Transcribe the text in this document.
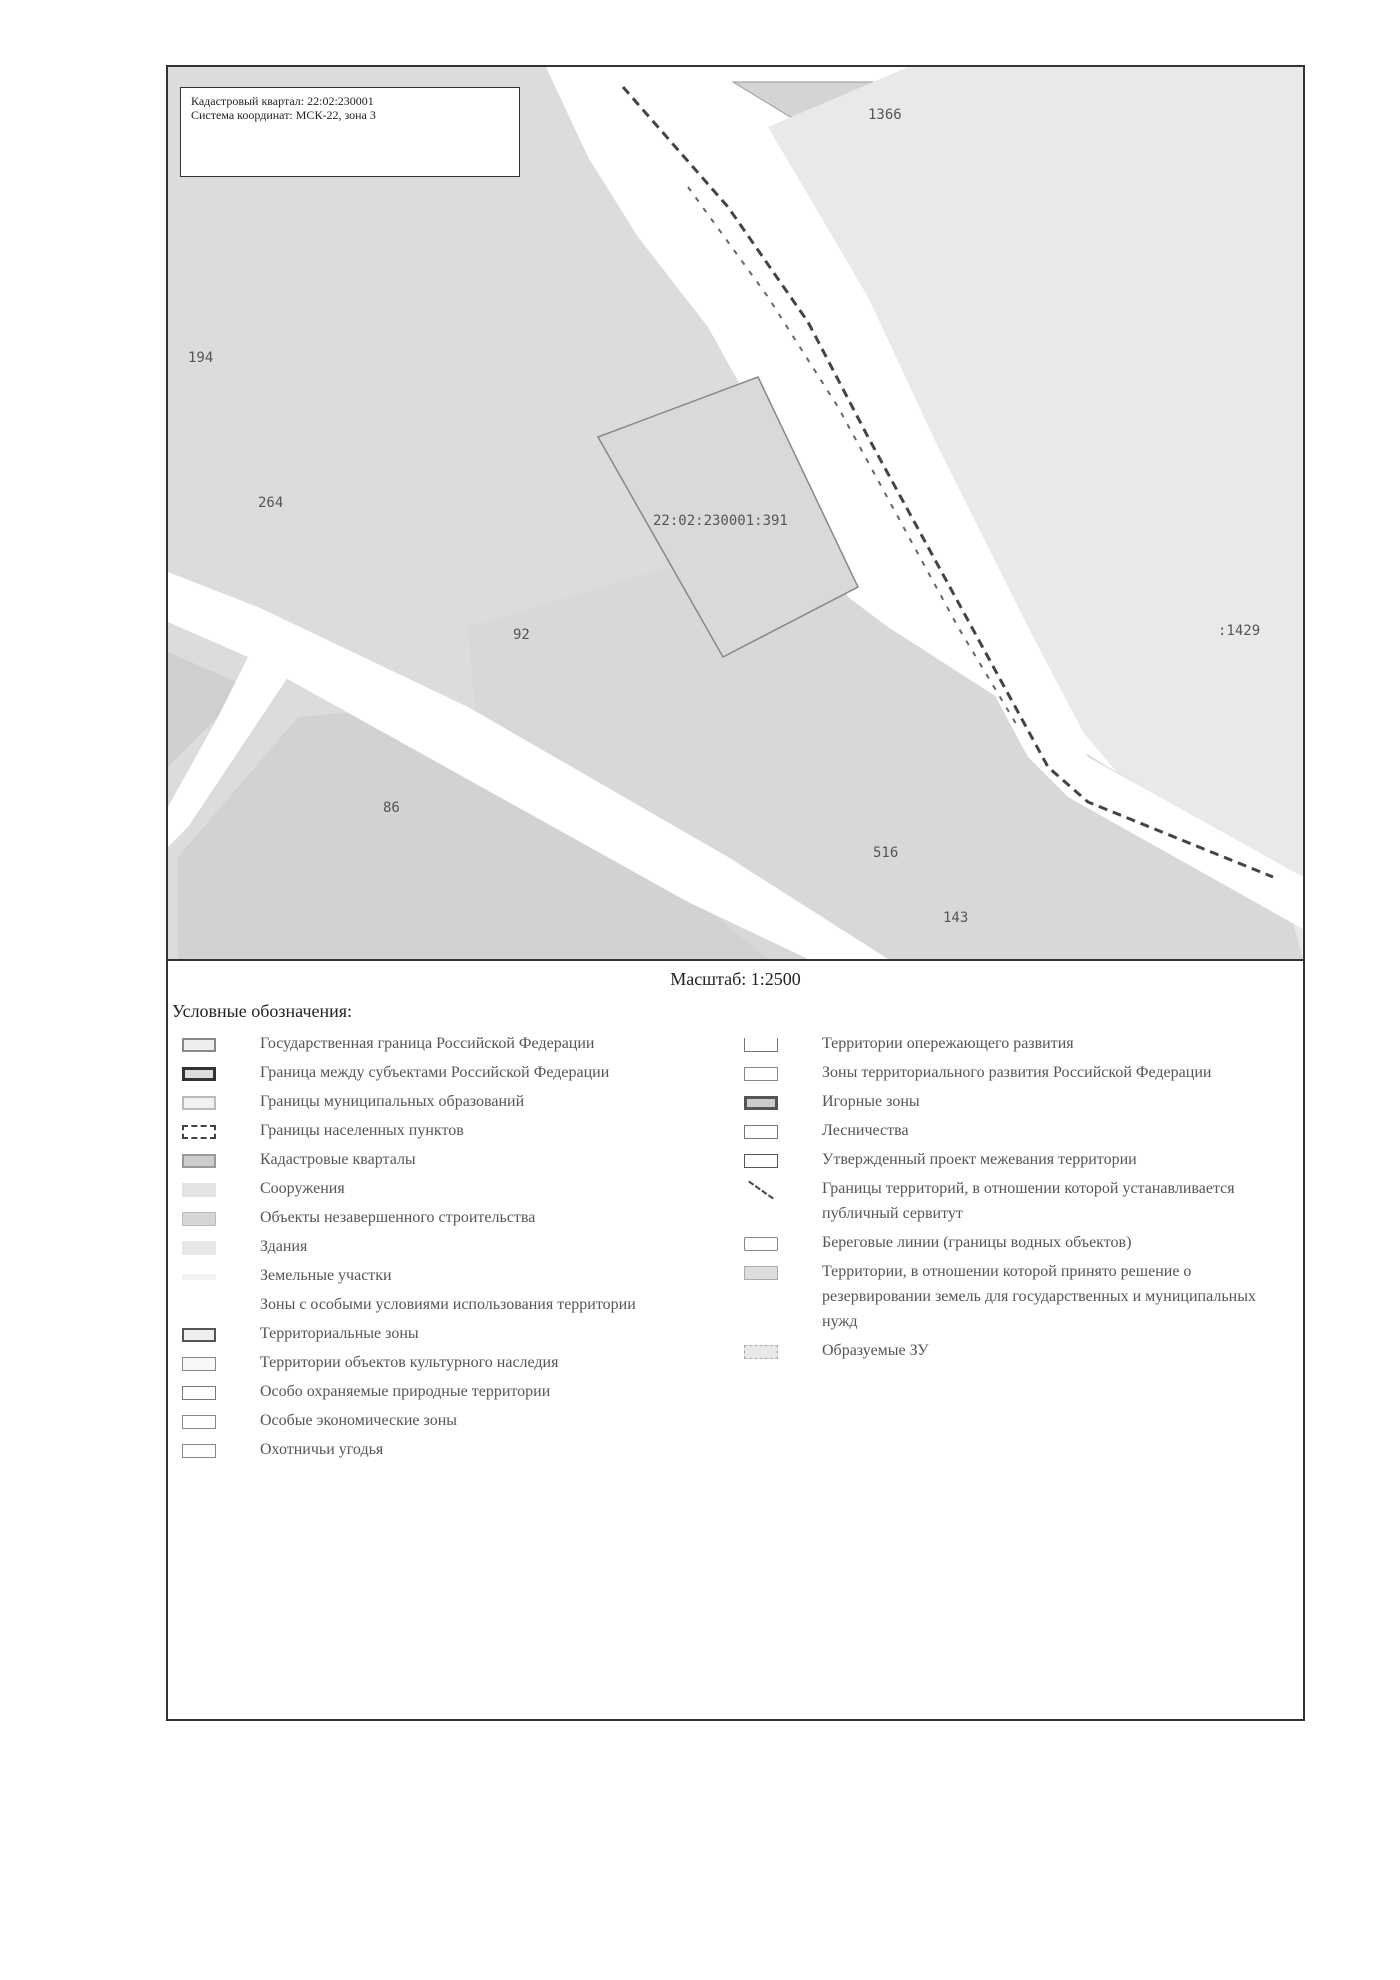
1366
194
264
22:02:230001:391
92	:1429
86
516
143
Кадастровый квартал: 22:02:230001
Система координат: МСК-22, зона 3
Масштаб: 1:2500
Условные обозначения:
Государственная граница Российской Федерации
Граница между субъектами Российской Федерации
Границы муниципальных образований
Границы населенных пунктов
Кадастровые кварталы
Сооружения
Объекты незавершенного строительства
Здания
Земельные участки
Зоны с особыми условиями использования территории
Территориальные зоны
Территории объектов культурного наследия
Особо охраняемые природные территории
Особые экономические зоны
Охотничьи угодья
Территории опережающего развития
Зоны территориального развития Российской Федерации
Игорные зоны
Лесничества
Утвержденный проект межевания территории
Границы территорий, в отношении которой устанавливается публичный сервитут
Береговые линии (границы водных объектов)
Территории, в отношении которой принято решение о резервировании земель для государственных и муниципальных нужд
Образуемые ЗУ
